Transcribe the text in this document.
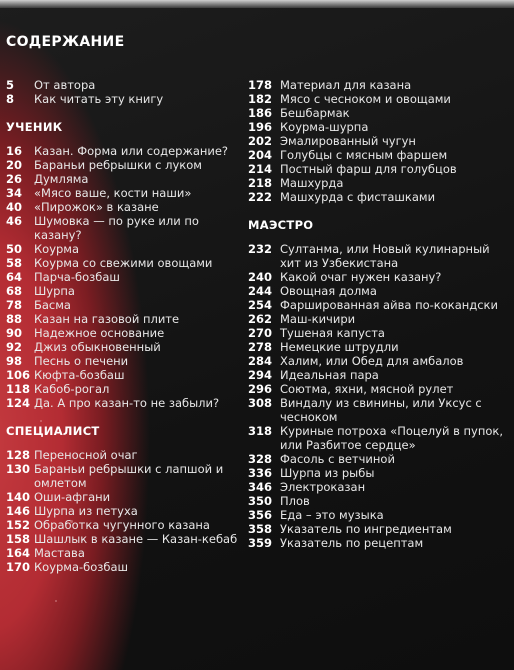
СОДЕРЖАНИЕ
5	От автора
8	Как читать эту книгу
УЧЕНИК
16	Казан. Форма или содержание?
20	Бараньи ребрышки с луком
26	Думляма
34	«Мясо ваше, кости наши»
40	«Пирожок» в казане
46	Шумовка — по руке или по казану?
50	Коурма
58	Коурма со свежими овощами
64	Парча-бозбаш
68	Шурпа
78	Басма
88	Казан на газовой плите
90	Надежное основание
92	Джиз обыкновенный
98	Песнь о печени
106 Кюфта-бозбаш
118 Кабоб-рогал
124 Да. А про казан-то не забыли?
СПЕЦИАЛИСТ
128 Переносной очаг
130 Бараньи ребрышки с лапшой и омлетом
140 Оши-афгани
146 Шурпа из петуха
152 Обработка чугунного казана
158 Шашлык в казане — Казан-кебаб
164 Мастава
170 Коурма-бозбаш
178 Материал для казана
182 Мясо с чесноком и овощами
186 Бешбармак
196 Коурма-шурпа
202 Эмалированный чугун
204 Голубцы с мясным фаршем
214 Постный фарш для голубцов
218 Машхурда
222 Машхурда с фисташками
МАЭСТРО
232 Султанма, или Новый кулинарный хит из Узбекистана
240 Какой очаг нужен казану?
244 Овощная долма
254 Фаршированная айва по-кокандски
262 Маш-кичири
270 Тушеная капуста
278 Немецкие штрудли
284 Халим, или Обед для амбалов
294 Идеальная пара
296 Соютма, яхни, мясной рулет
308 Виндалу из свинины, или Уксус с чесноком
318 Куриные потроха «Поцелуй в пупок, или Разбитое сердце»
328 Фасоль с ветчиной
336 Шурпа из рыбы
346 Электроказан
350 Плов
356 Еда – это музыка
358 Указатель по ингредиентам
359 Указатель по рецептам
